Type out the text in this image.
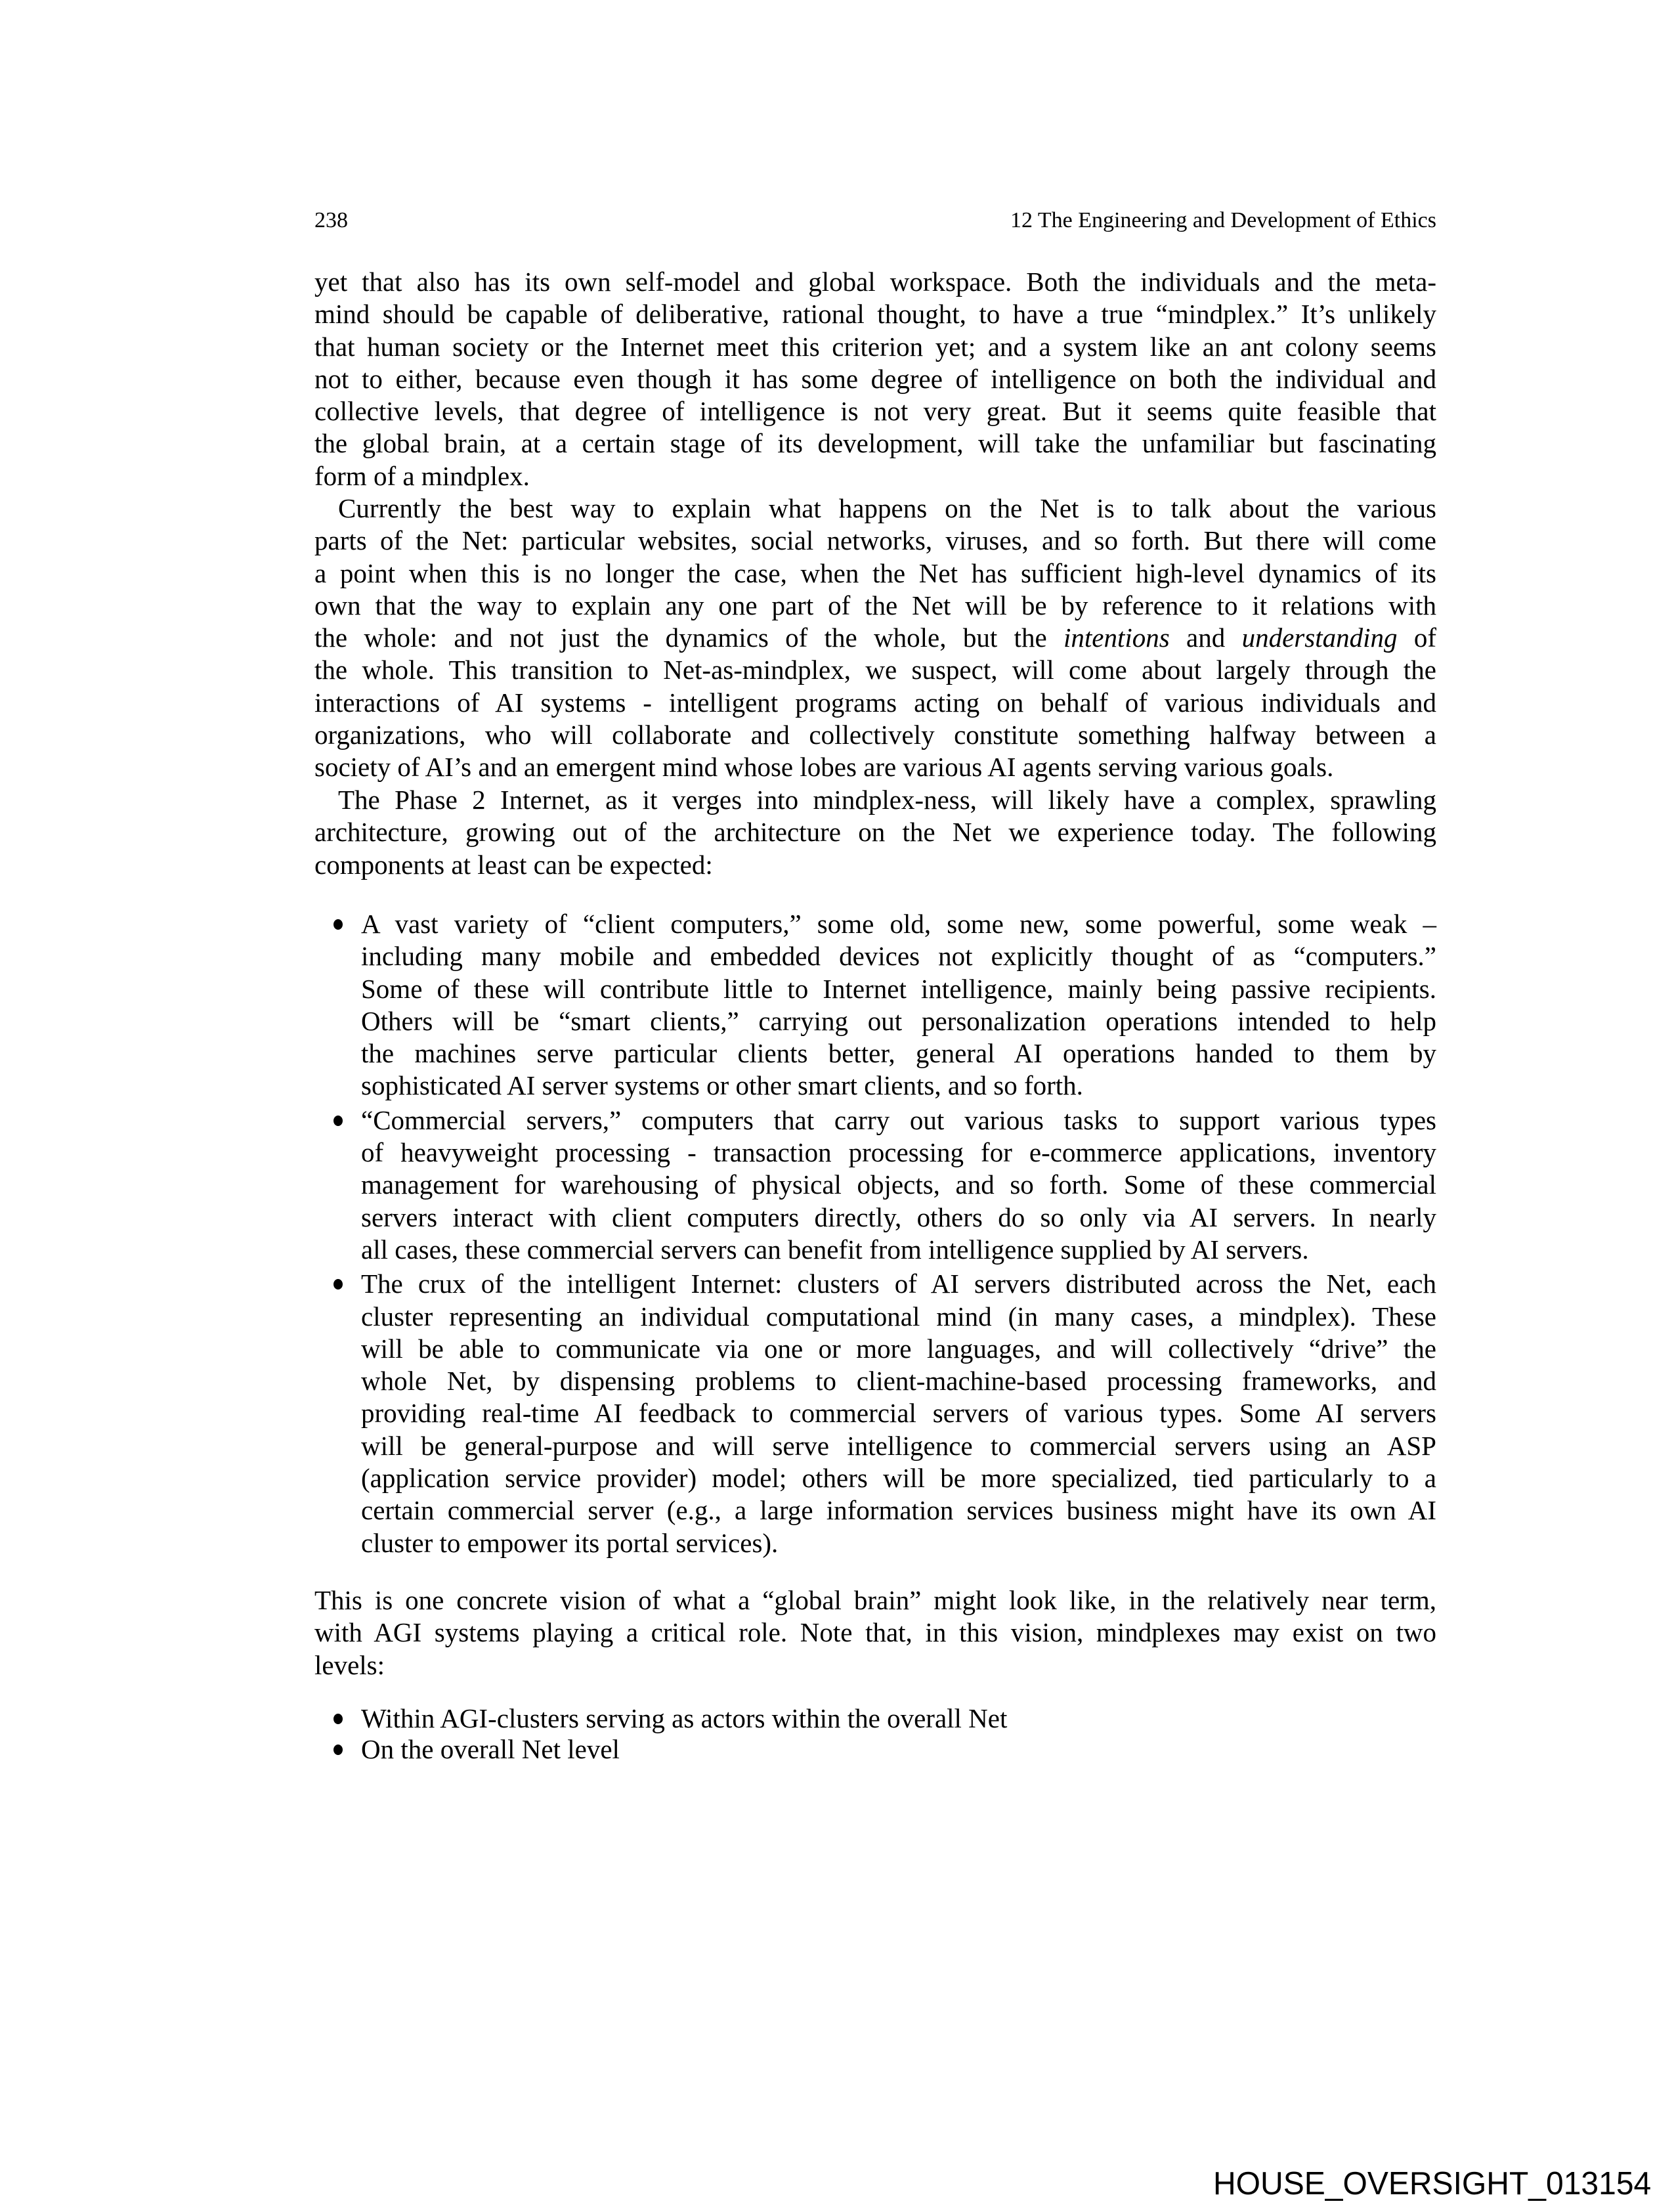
238	12 The Engineering and Development of Ethics
yet that also has its own self-model and global workspace. Both the individuals and the meta-
mind should be capable of deliberative, rational thought, to have a true “mindplex.” It’s unlikely
that human society or the Internet meet this criterion yet; and a system like an ant colony seems
not to either, because even though it has some degree of intelligence on both the individual and
collective levels, that degree of intelligence is not very great. But it seems quite feasible that
the global brain, at a certain stage of its development, will take the unfamiliar but fascinating
form of a mindplex.
Currently the best way to explain what happens on the Net is to talk about the various
parts of the Net: particular websites, social networks, viruses, and so forth. But there will come
a point when this is no longer the case, when the Net has sufficient high-level dynamics of its
own that the way to explain any one part of the Net will be by reference to it relations with
the whole: and not just the dynamics of the whole, but the intentions and understanding of
the whole. This transition to Net-as-mindplex, we suspect, will come about largely through the
interactions of AI systems - intelligent programs acting on behalf of various individuals and
organizations, who will collaborate and collectively constitute something halfway between a
society of AI’s and an emergent mind whose lobes are various AI agents serving various goals.
The Phase 2 Internet, as it verges into mindplex-ness, will likely have a complex, sprawling
architecture, growing out of the architecture on the Net we experience today. The following
components at least can be expected:
A vast variety of “client computers,” some old, some new, some powerful, some weak –
including many mobile and embedded devices not explicitly thought of as “computers.”
Some of these will contribute little to Internet intelligence, mainly being passive recipients.
Others will be “smart clients,” carrying out personalization operations intended to help
the machines serve particular clients better, general AI operations handed to them by
sophisticated AI server systems or other smart clients, and so forth.
“Commercial servers,” computers that carry out various tasks to support various types
of heavyweight processing - transaction processing for e-commerce applications, inventory
management for warehousing of physical objects, and so forth. Some of these commercial
servers interact with client computers directly, others do so only via AI servers. In nearly
all cases, these commercial servers can benefit from intelligence supplied by AI servers.
The crux of the intelligent Internet: clusters of AI servers distributed across the Net, each
cluster representing an individual computational mind (in many cases, a mindplex). These
will be able to communicate via one or more languages, and will collectively “drive” the
whole Net, by dispensing problems to client-machine-based processing frameworks, and
providing real-time AI feedback to commercial servers of various types. Some AI servers
will be general-purpose and will serve intelligence to commercial servers using an ASP
(application service provider) model; others will be more specialized, tied particularly to a
certain commercial server (e.g., a large information services business might have its own AI
cluster to empower its portal services).
This is one concrete vision of what a “global brain” might look like, in the relatively near term,
with AGI systems playing a critical role. Note that, in this vision, mindplexes may exist on two
levels:
Within AGI-clusters serving as actors within the overall Net
On the overall Net level
HOUSE_OVERSIGHT_013154
